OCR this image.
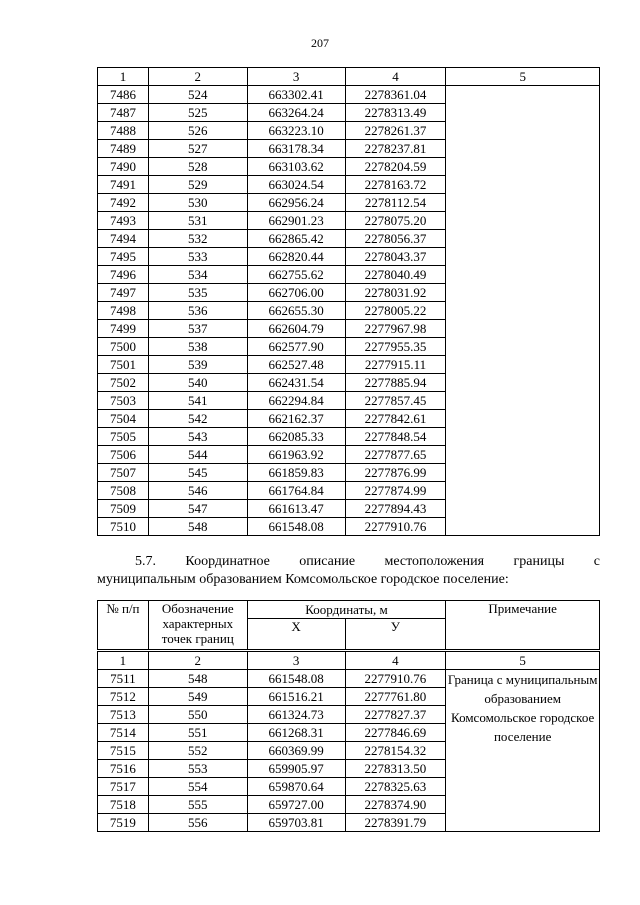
207
1	2	3	4	5
7486	524	663302.41	2278361.04	
7487	525	663264.24	2278313.49	
7488	526	663223.10	2278261.37	
7489	527	663178.34	2278237.81	
7490	528	663103.62	2278204.59	
7491	529	663024.54	2278163.72	
7492	530	662956.24	2278112.54	
7493	531	662901.23	2278075.20	
7494	532	662865.42	2278056.37	
7495	533	662820.44	2278043.37	
7496	534	662755.62	2278040.49	
7497	535	662706.00	2278031.92	
7498	536	662655.30	2278005.22	
7499	537	662604.79	2277967.98	
7500	538	662577.90	2277955.35	
7501	539	662527.48	2277915.11	
7502	540	662431.54	2277885.94	
7503	541	662294.84	2277857.45	
7504	542	662162.37	2277842.61	
7505	543	662085.33	2277848.54	
7506	544	661963.92	2277877.65	
7507	545	661859.83	2277876.99	
7508	546	661764.84	2277874.99	
7509	547	661613.47	2277894.43	
7510	548	661548.08	2277910.76	
5.7. Координатное описание местоположения границы с
муниципальным образованием Комсомольское городское поселение:
№ п/п	Обозначение характерных точек границ	Координаты, м		Примечание
		X	У	
1	2	3	4	5
7511	548	661548.08	2277910.76	Граница с муниципальным образованием Комсомольское городское поселение
7512	549	661516.21	2277761.80	
7513	550	661324.73	2277827.37	
7514	551	661268.31	2277846.69	
7515	552	660369.99	2278154.32	
7516	553	659905.97	2278313.50	
7517	554	659870.64	2278325.63	
7518	555	659727.00	2278374.90	
7519	556	659703.81	2278391.79	
